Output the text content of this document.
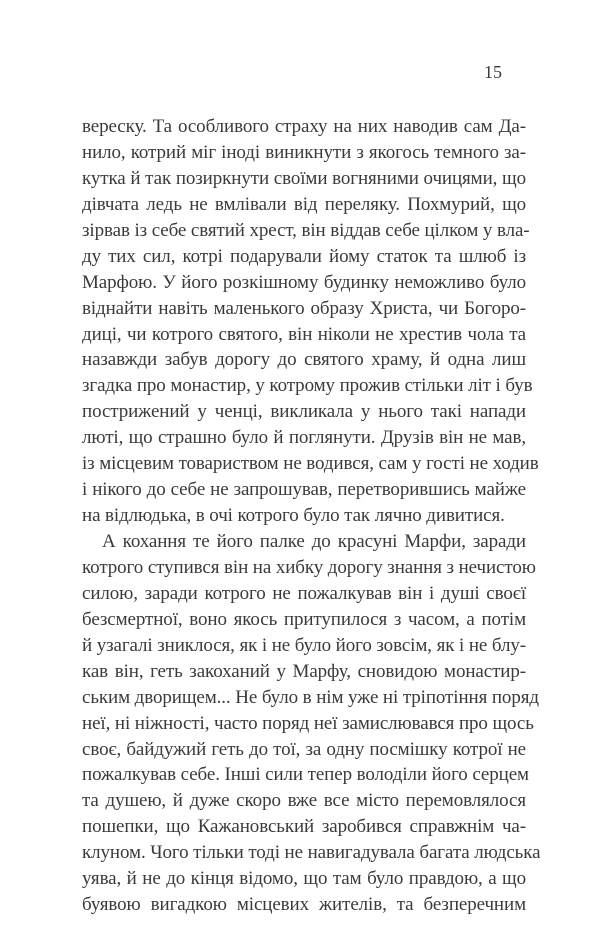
15
вереску. Та особливого страху на них наводив сам Да-
нило, котрий міг іноді виникнути з якогось темного за-
кутка й так позиркнути своїми вогняними очицями, що
дівчата ледь не вмлівали від переляку. Похмурий, що
зірвав із себе святий хрест, він віддав себе цілком у вла-
ду тих сил, котрі подарували йому статок та шлюб із
Марфою. У його розкішному будинку неможливо було
віднайти навіть маленького образу Христа, чи Богоро-
диці, чи котрого святого, він ніколи не хрестив чола та
назавжди забув дорогу до святого храму, й одна лиш
згадка про монастир, у котрому прожив стільки літ і був
пострижений у ченці, викликала у нього такі напади
люті, що страшно було й поглянути. Друзів він не мав,
із місцевим товариством не водився, сам у гості не ходив
і нікого до себе не запрошував, перетворившись майже
на відлюдька, в очі котрого було так лячно дивитися.
А кохання те його палке до красуні Марфи, заради
котрого ступився він на хибку дорогу знання з нечистою
силою, заради котрого не пожалкував він і душі своєї
безсмертної, воно якось притупилося з часом, а потім
й узагалі зниклося, як і не було його зовсім, як і не блу-
кав він, геть закоханий у Марфу, сновидою монастир-
ським дворищем... Не було в нім уже ні тріпотіння поряд
неї, ні ніжності, часто поряд неї замислювався про щось
своє, байдужий геть до тої, за одну посмішку котрої не
пожалкував себе. Інші сили тепер володіли його серцем
та душею, й дуже скоро вже все місто перемовлялося
пошепки, що Кажановський заробився справжнім ча-
клуном. Чого тільки тоді не навигадувала багата людська
уява, й не до кінця відомо, що там було правдою, а що
буявою вигадкою місцевих жителів, та безперечним
